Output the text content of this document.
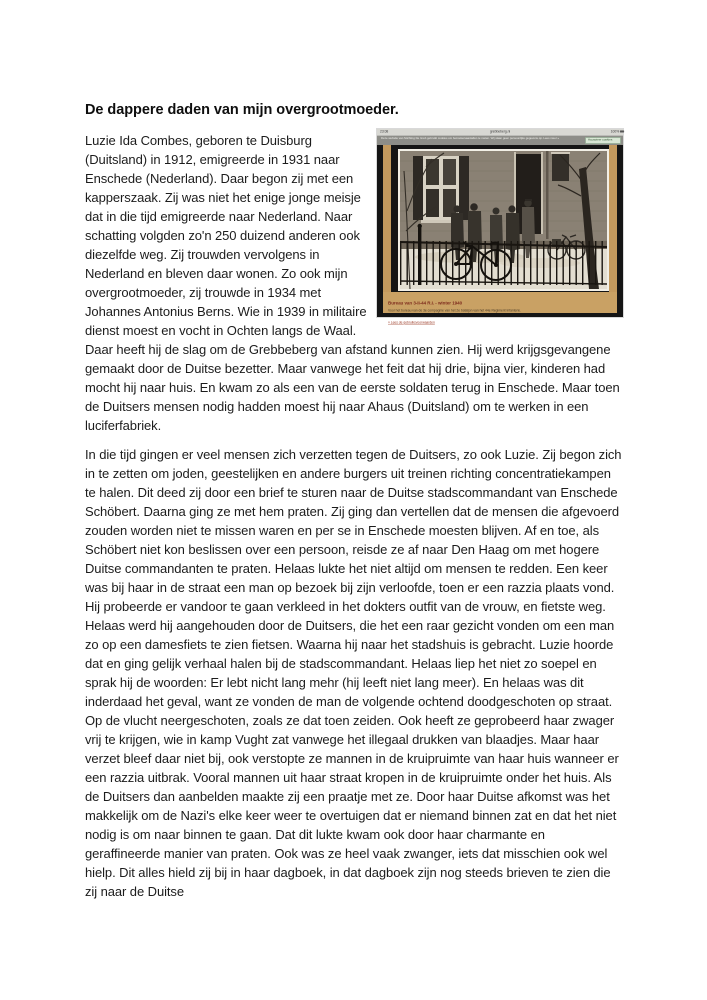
De dappere daden van mijn overgrootmoeder.
23:08	grebbeberg.nl	100%
Deze website van Stichting De Greb gebruikt cookies om bezoekersaantallen te meten. Wij slaan geen persoonlijke gegevens op. Lees meer »	Accepteer cookies
Bureau van 3-II-44 R.I. - winter 1940
Voor het bureau van de 3e compagnie van het 2e bataljon van het 44e Regiment Infanterie.
» Lees de gebruiksvoorwaarden
Luzie Ida Combes, geboren te Duisburg (Duitsland) in 1912, emigreerde in 1931 naar Enschede (Nederland). Daar begon zij met een kapperszaak. Zij was niet het enige jonge meisje dat in die tijd emigreerde naar Nederland. Naar schatting volgden zo'n 250 duizend anderen ook diezelfde weg. Zij trouwden vervolgens in Nederland en bleven daar wonen. Zo ook mijn overgrootmoeder, zij trouwde in 1934 met Johannes Antonius Berns. Wie in 1939 in militaire dienst moest en vocht in Ochten langs de Waal. Daar heeft hij de slag om de Grebbeberg van afstand kunnen zien. Hij werd krijgsgevangene gemaakt door de Duitse bezetter. Maar vanwege het feit dat hij drie, bijna vier, kinderen had mocht hij naar huis. En kwam zo als een van de eerste soldaten terug in Enschede. Maar toen de Duitsers mensen nodig hadden moest hij naar Ahaus (Duitsland) om te werken in een luciferfabriek.
In die tijd gingen er veel mensen zich verzetten tegen de Duitsers, zo ook Luzie. Zij begon zich in te zetten om joden, geestelijken en andere burgers uit treinen richting concentratiekampen te halen. Dit deed zij door een brief te sturen naar de Duitse stadscommandant van Enschede Schöbert. Daarna ging ze met hem praten. Zij ging dan vertellen dat de mensen die afgevoerd zouden worden niet te missen waren en per se in Enschede moesten blijven. Af en toe, als Schöbert niet kon beslissen over een persoon, reisde ze af naar Den Haag om met hogere Duitse commandanten te praten. Helaas lukte het niet altijd om mensen te redden. Een keer was bij haar in de straat een man op bezoek bij zijn verloofde, toen er een razzia plaats vond. Hij probeerde er vandoor te gaan verkleed in het dokters outfit van de vrouw, en fietste weg. Helaas werd hij aangehouden door de Duitsers, die het een raar gezicht vonden om een man zo op een damesfiets te zien fietsen. Waarna hij naar het stadshuis is gebracht. Luzie hoorde dat en ging gelijk verhaal halen bij de stadscommandant. Helaas liep het niet zo soepel en sprak hij de woorden: Er lebt nicht lang mehr (hij leeft niet lang meer). En helaas was dit inderdaad het geval, want ze vonden de man de volgende ochtend doodgeschoten op straat. Op de vlucht neergeschoten, zoals ze dat toen zeiden. Ook heeft ze geprobeerd haar zwager vrij te krijgen, wie in kamp Vught zat vanwege het illegaal drukken van blaadjes. Maar haar verzet bleef daar niet bij, ook verstopte ze mannen in de kruipruimte van haar huis wanneer er een razzia uitbrak. Vooral mannen uit haar straat kropen in de kruipruimte onder het huis. Als de Duitsers dan aanbelden maakte zij een praatje met ze. Door haar Duitse afkomst was het makkelijk om de Nazi's elke keer weer te overtuigen dat er niemand binnen zat en dat het niet nodig is om naar binnen te gaan. Dat dit lukte kwam ook door haar charmante en geraffineerde manier van praten. Ook was ze heel vaak zwanger, iets dat misschien ook wel hielp. Dit alles hield zij bij in haar dagboek, in dat dagboek zijn nog steeds brieven te zien die zij naar de Duitse
